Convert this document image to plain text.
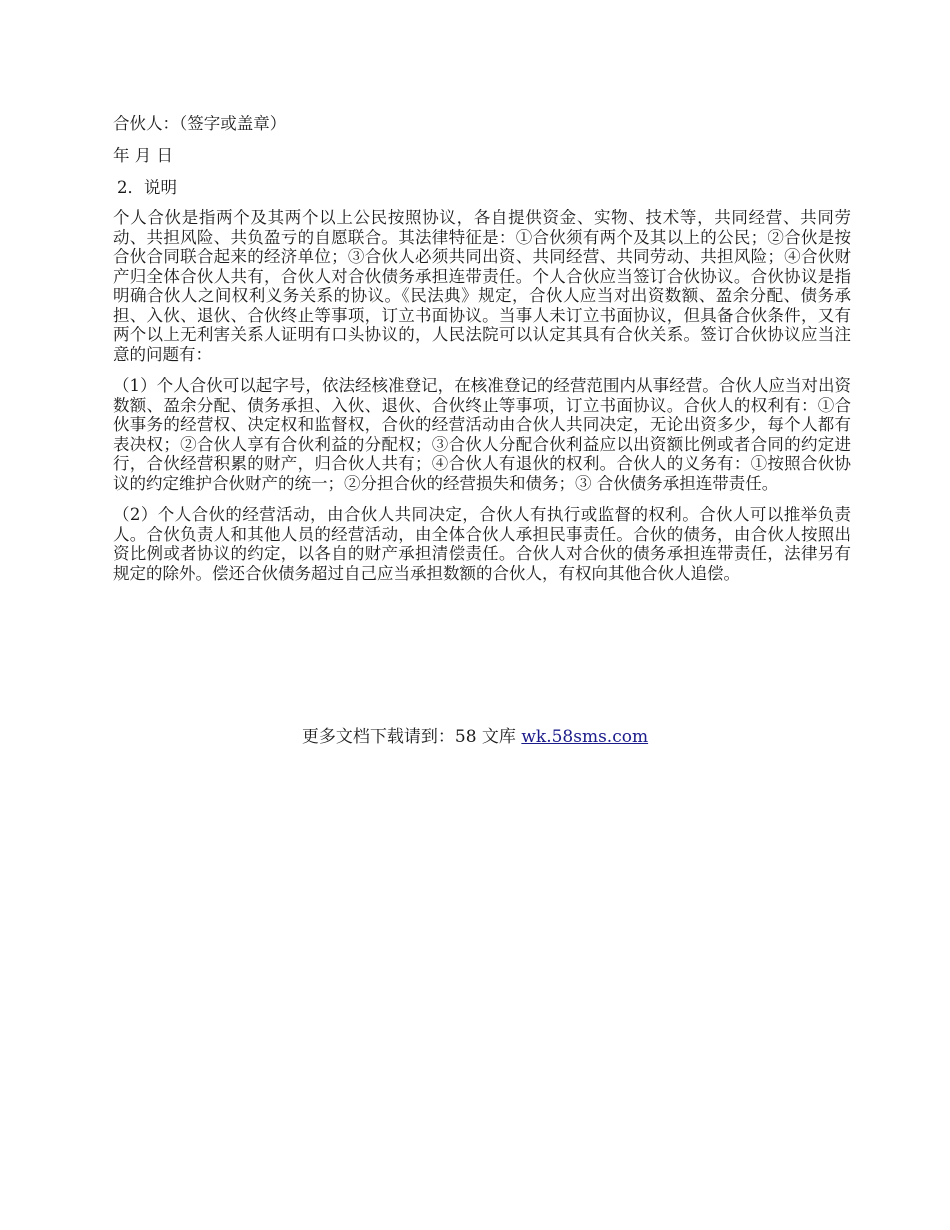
合伙人：（签字或盖章）

年 月 日

2．说明

个人合伙是指两个及其两个以上公民按照协议，各自提供资金、实物、技术等，共同经营、共同劳动、共担风险、共负盈亏的自愿联合。其法律特征是：①合伙须有两个及其以上的公民；②合伙是按合伙合同联合起来的经济单位；③合伙人必须共同出资、共同经营、共同劳动、共担风险；④合伙财产归全体合伙人共有，合伙人对合伙债务承担连带责任。个人合伙应当签订合伙协议。合伙协议是指明确合伙人之间权利义务关系的协议。《民法典》规定，合伙人应当对出资数额、盈余分配、债务承担、入伙、退伙、合伙终止等事项，订立书面协议。当事人未订立书面协议，但具备合伙条件，又有两个以上无利害关系人证明有口头协议的，人民法院可以认定其具有合伙关系。签订合伙协议应当注意的问题有：

（1）个人合伙可以起字号，依法经核准登记，在核准登记的经营范围内从事经营。合伙人应当对出资数额、盈余分配、债务承担、入伙、退伙、合伙终止等事项，订立书面协议。合伙人的权利有：①合伙事务的经营权、决定权和监督权，合伙的经营活动由合伙人共同决定，无论出资多少，每个人都有表决权；②合伙人享有合伙利益的分配权；③合伙人分配合伙利益应以出资额比例或者合同的约定进行，合伙经营积累的财产，归合伙人共有；④合伙人有退伙的权利。合伙人的义务有：①按照合伙协议的约定维护合伙财产的统一；②分担合伙的经营损失和债务；③ 合伙债务承担连带责任。

（2）个人合伙的经营活动，由合伙人共同决定，合伙人有执行或监督的权利。合伙人可以推举负责人。合伙负责人和其他人员的经营活动，由全体合伙人承担民事责任。合伙的债务，由合伙人按照出资比例或者协议的约定，以各自的财产承担清偿责任。合伙人对合伙的债务承担连带责任，法律另有规定的除外。偿还合伙债务超过自己应当承担数额的合伙人，有权向其他合伙人追偿。

更多文档下载请到：58 文库 wk.58sms.com
